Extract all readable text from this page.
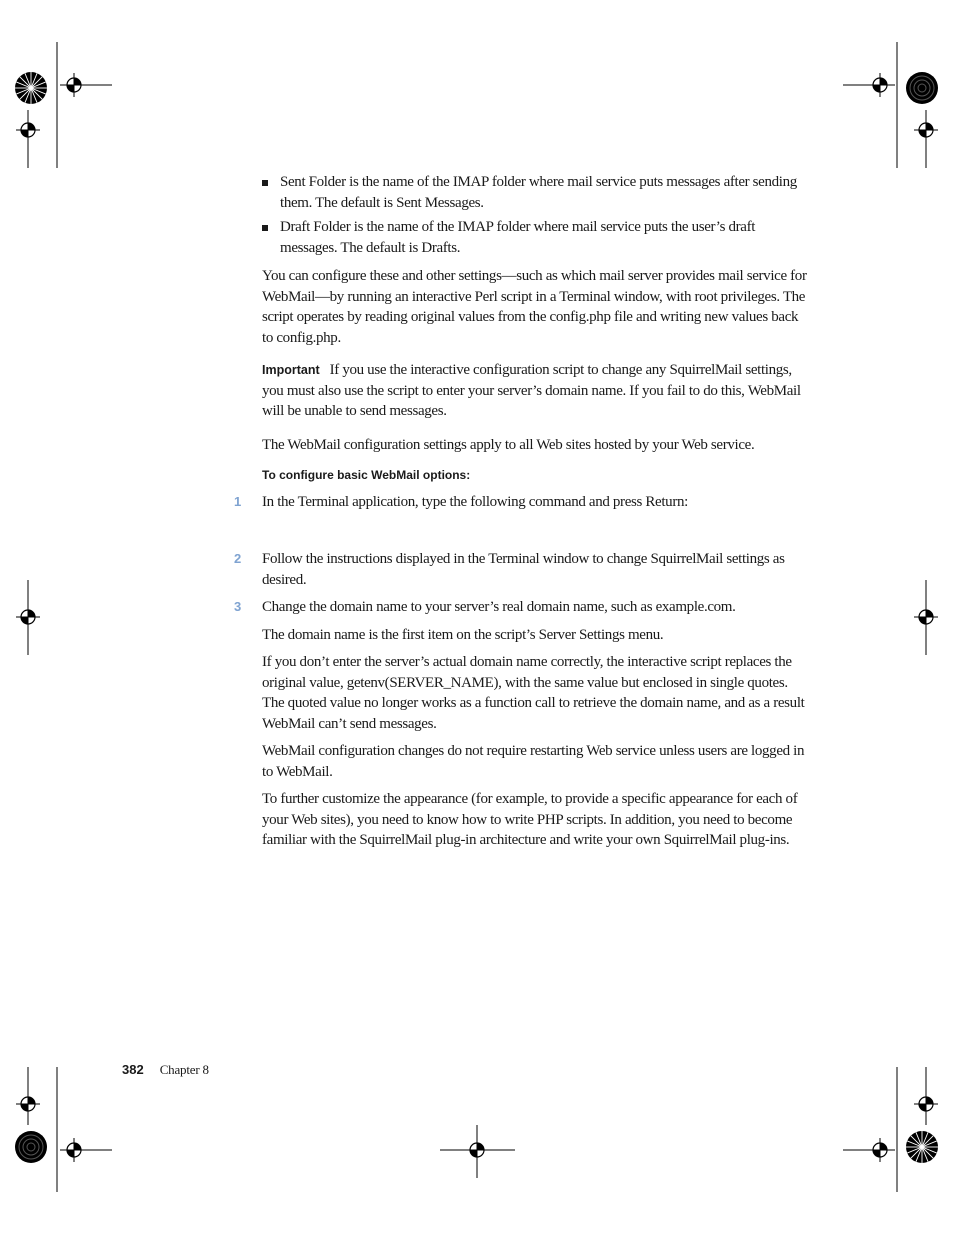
Sent Folder is the name of the IMAP folder where mail service puts messages after sending them. The default is Sent Messages.
Draft Folder is the name of the IMAP folder where mail service puts the user’s draft messages. The default is Drafts.

You can configure these and other settings—such as which mail server provides mail service for WebMail—by running an interactive Perl script in a Terminal window, with root privileges. The script operates by reading original values from the config.php file and writing new values back to config.php.

Important If you use the interactive configuration script to change any SquirrelMail settings, you must also use the script to enter your server’s domain name. If you fail to do this, WebMail will be unable to send messages.

The WebMail configuration settings apply to all Web sites hosted by your Web service.

To configure basic WebMail options:
1 In the Terminal application, type the following command and press Return:
2 Follow the instructions displayed in the Terminal window to change SquirrelMail settings as desired.
3 Change the domain name to your server’s real domain name, such as example.com.

The domain name is the first item on the script’s Server Settings menu.

If you don’t enter the server’s actual domain name correctly, the interactive script replaces the original value, getenv(SERVER_NAME), with the same value but enclosed in single quotes. The quoted value no longer works as a function call to retrieve the domain name, and as a result WebMail can’t send messages.

WebMail configuration changes do not require restarting Web service unless users are logged in to WebMail.

To further customize the appearance (for example, to provide a specific appearance for each of your Web sites), you need to know how to write PHP scripts. In addition, you need to become familiar with the SquirrelMail plug-in architecture and write your own SquirrelMail plug-ins.

382 Chapter 8
